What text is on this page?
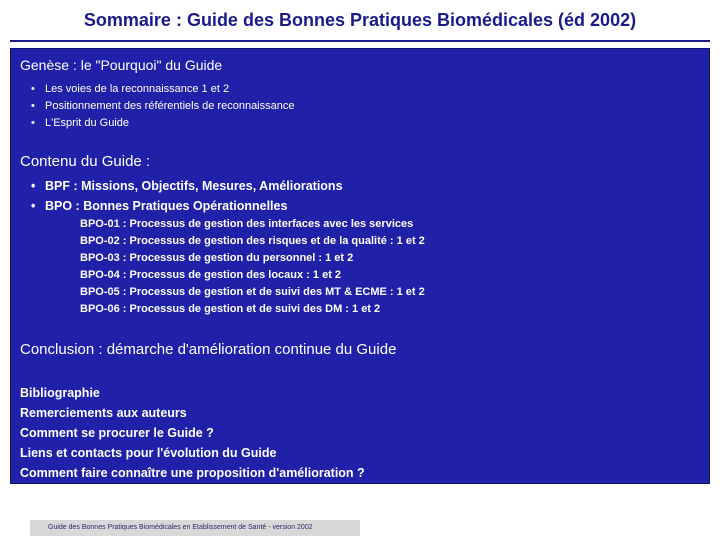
Sommaire : Guide des Bonnes Pratiques Biomédicales (éd 2002)
Genèse : le "Pourquoi" du Guide
• Les voies de la reconnaissance 1 et 2
• Positionnement des référentiels de reconnaissance
• L'Esprit du Guide
Contenu du Guide :
• BPF : Missions, Objectifs, Mesures, Améliorations
• BPO : Bonnes Pratiques Opérationnelles
BPO-01 : Processus de gestion des interfaces avec les services
BPO-02 : Processus de gestion des risques et de la qualité : 1 et 2
BPO-03 : Processus de gestion du personnel : 1 et 2
BPO-04 : Processus de gestion des locaux : 1 et 2
BPO-05 : Processus de gestion et de suivi des MT & ECME : 1 et 2
BPO-06 : Processus de gestion et de suivi des DM : 1 et 2
Conclusion : démarche d'amélioration continue du Guide
Bibliographie
Remerciements aux auteurs
Comment se procurer le Guide ?
Liens et contacts pour l'évolution du Guide
Comment faire connaître une proposition d'amélioration ?
Guide des Bonnes Pratiques Biomédicales en Etablissement de Santé - version 2002
